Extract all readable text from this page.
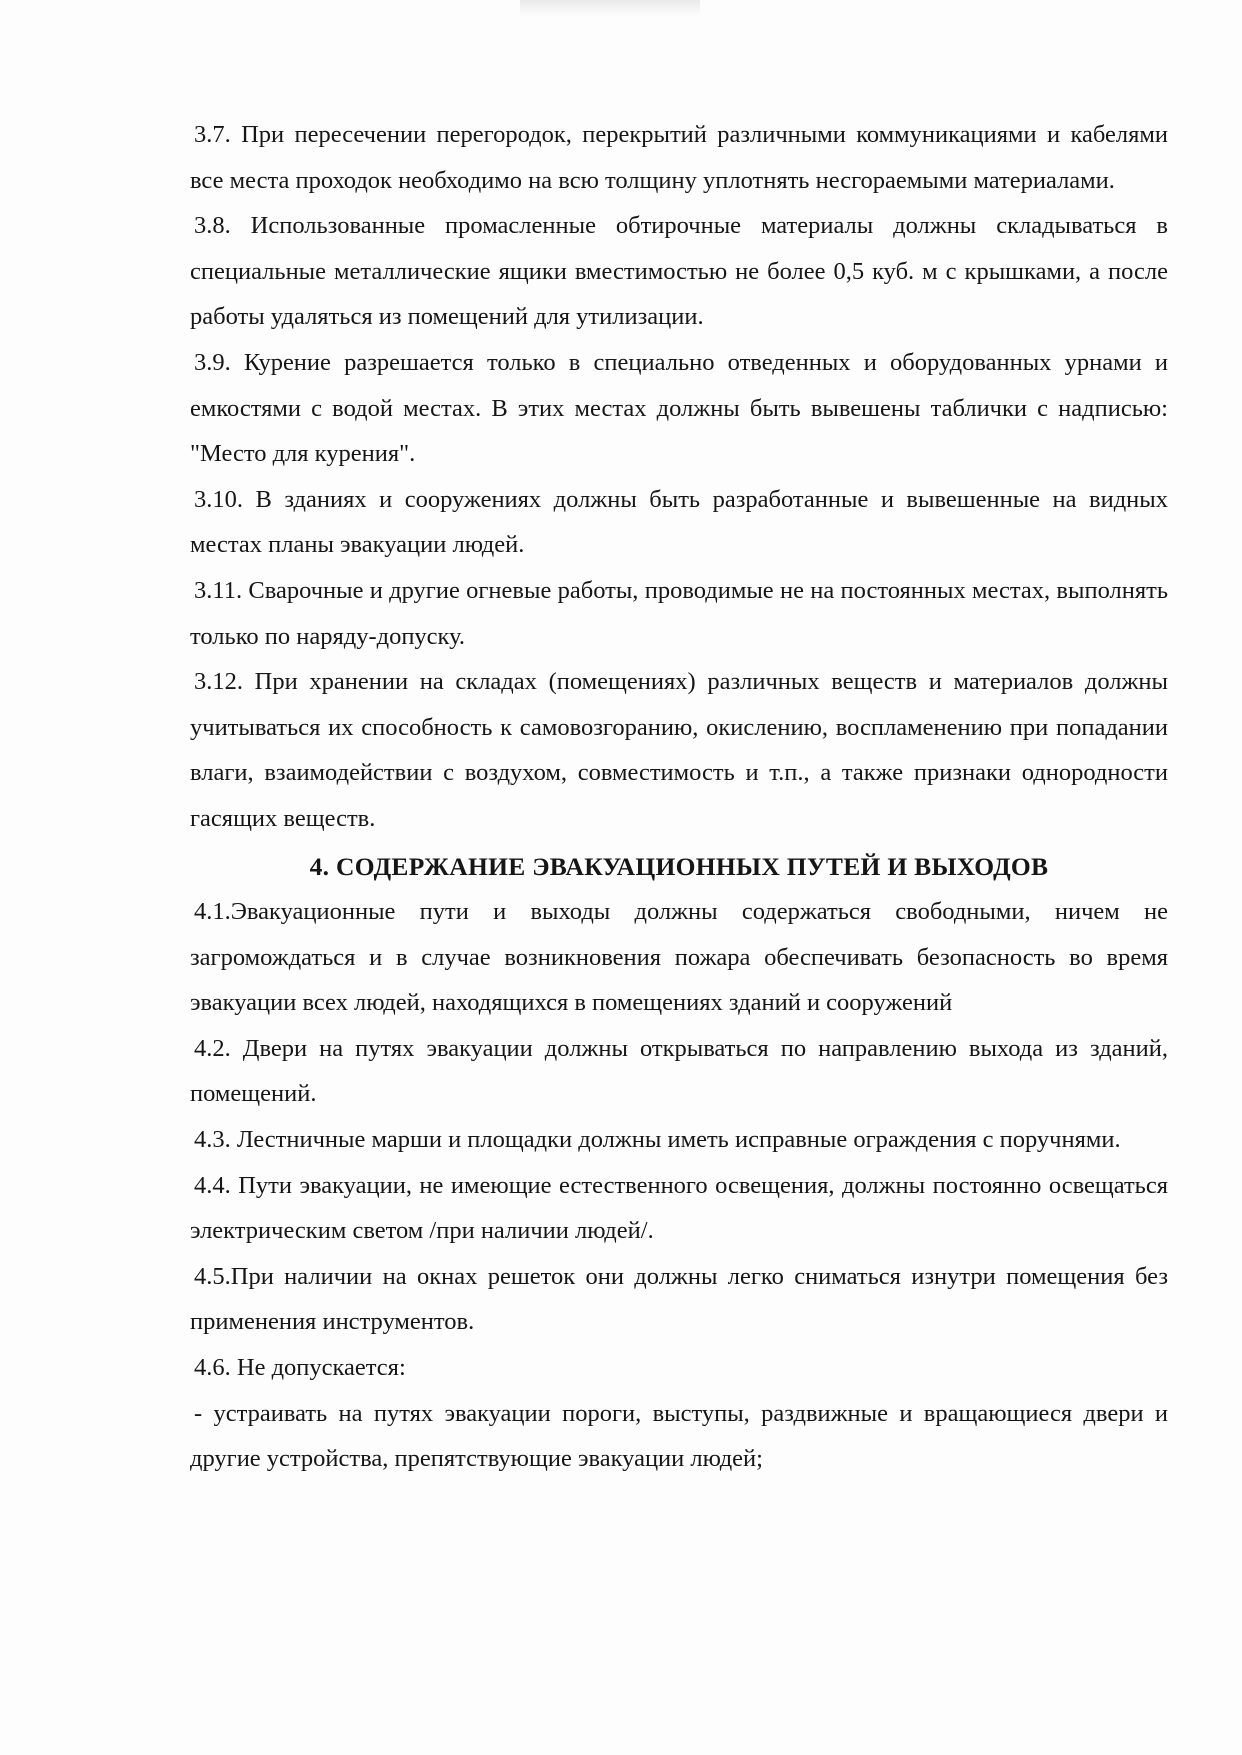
3.7. При пересечении перегородок, перекрытий различными коммуникациями и кабелями все места проходок необходимо на всю толщину уплотнять несгораемыми материалами.

3.8. Использованные промасленные обтирочные материалы должны складываться в специальные металлические ящики вместимостью не более 0,5 куб. м с крышками, а после работы удаляться из помещений для утилизации.

3.9. Курение разрешается только в специально отведенных и оборудованных урнами и емкостями с водой местах. В этих местах должны быть вывешены таблички с надписью: "Место для курения".

3.10. В зданиях и сооружениях должны быть разработанные и вывешенные на видных местах планы эвакуации людей.

3.11. Сварочные и другие огневые работы, проводимые не на постоянных местах, выполнять только по наряду-допуску.

3.12. При хранении на складах (помещениях) различных веществ и материалов должны учитываться их способность к самовозгоранию, окислению, воспламенению при попадании влаги, взаимодействии с воздухом, совместимость и т.п., а также признаки однородности гасящих веществ.

4. СОДЕРЖАНИЕ ЭВАКУАЦИОННЫХ ПУТЕЙ И ВЫХОДОВ

4.1.Эвакуационные пути и выходы должны содержаться свободными, ничем не загромождаться и в случае возникновения пожара обеспечивать безопасность во время эвакуации всех людей, находящихся в помещениях зданий и сооружений

4.2. Двери на путях эвакуации должны открываться по направлению выхода из зданий, помещений.

4.3. Лестничные марши и площадки должны иметь исправные ограждения с поручнями.

4.4. Пути эвакуации, не имеющие естественного освещения, должны постоянно освещаться электрическим светом /при наличии людей/.

4.5.При наличии на окнах решеток они должны легко сниматься изнутри помещения без применения инструментов.

4.6. Не допускается:

- устраивать на путях эвакуации пороги, выступы, раздвижные и вращающиеся двери и другие устройства, препятствующие эвакуации людей;
